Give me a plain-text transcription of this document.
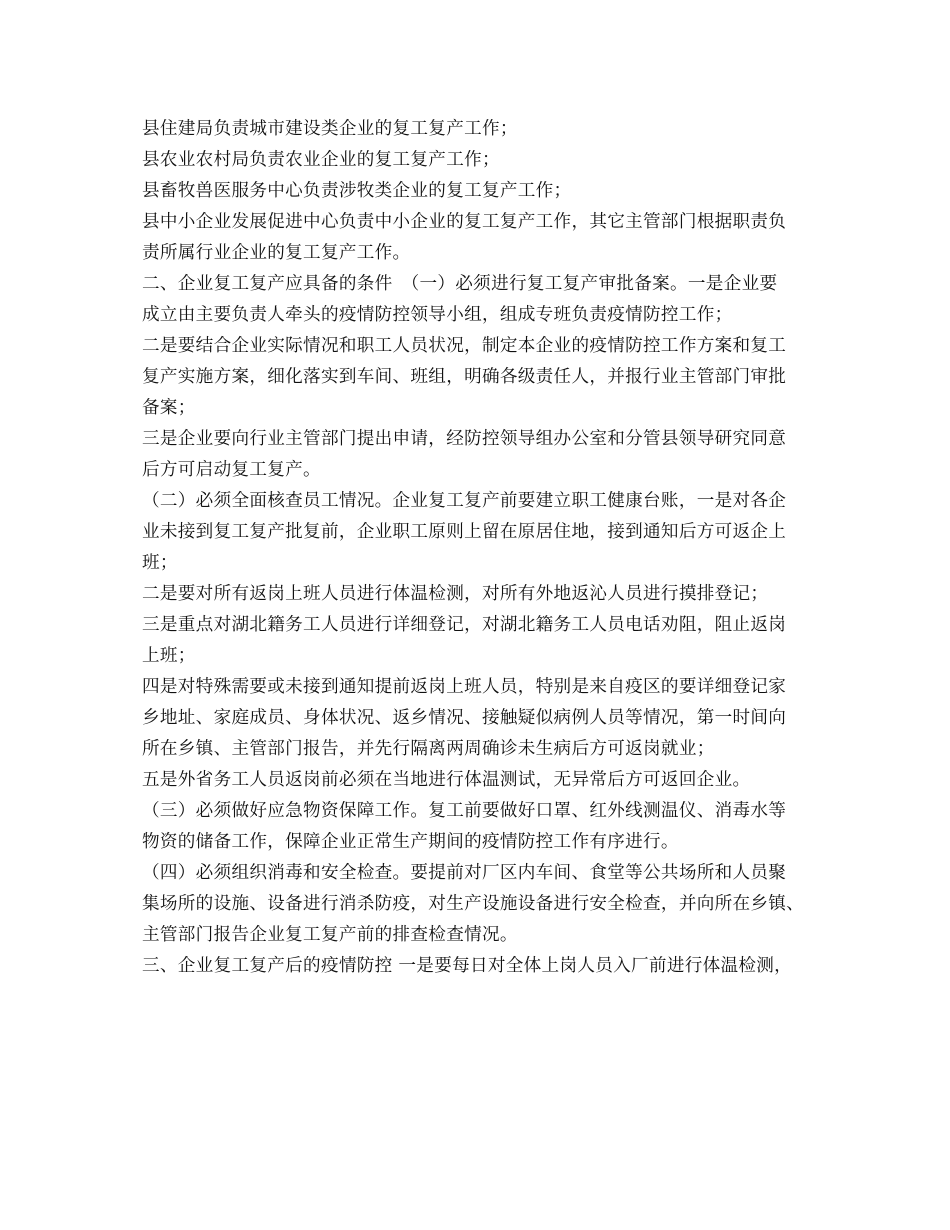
县住建局负责城市建设类企业的复工复产工作；
县农业农村局负责农业企业的复工复产工作；
县畜牧兽医服务中心负责涉牧类企业的复工复产工作；
县中小企业发展促进中心负责中小企业的复工复产工作，其它主管部门根据职责负
责所属行业企业的复工复产工作。
二、企业复工复产应具备的条件　（一）必须进行复工复产审批备案。一是企业要
成立由主要负责人牵头的疫情防控领导小组，组成专班负责疫情防控工作；
二是要结合企业实际情况和职工人员状况，制定本企业的疫情防控工作方案和复工
复产实施方案，细化落实到车间、班组，明确各级责任人，并报行业主管部门审批
备案；
三是企业要向行业主管部门提出申请，经防控领导组办公室和分管县领导研究同意
后方可启动复工复产。
（二）必须全面核查员工情况。企业复工复产前要建立职工健康台账，一是对各企
业未接到复工复产批复前，企业职工原则上留在原居住地，接到通知后方可返企上
班；
二是要对所有返岗上班人员进行体温检测，对所有外地返沁人员进行摸排登记；
三是重点对湖北籍务工人员进行详细登记，对湖北籍务工人员电话劝阻，阻止返岗
上班；
四是对特殊需要或未接到通知提前返岗上班人员，特别是来自疫区的要详细登记家
乡地址、家庭成员、身体状况、返乡情况、接触疑似病例人员等情况，第一时间向
所在乡镇、主管部门报告，并先行隔离两周确诊未生病后方可返岗就业；
五是外省务工人员返岗前必须在当地进行体温测试，无异常后方可返回企业。
（三）必须做好应急物资保障工作。复工前要做好口罩、红外线测温仪、消毒水等
物资的储备工作，保障企业正常生产期间的疫情防控工作有序进行。
（四）必须组织消毒和安全检查。要提前对厂区内车间、食堂等公共场所和人员聚
集场所的设施、设备进行消杀防疫，对生产设施设备进行安全检查，并向所在乡镇、
主管部门报告企业复工复产前的排查检查情况。
三、企业复工复产后的疫情防控 一是要每日对全体上岗人员入厂前进行体温检测，
